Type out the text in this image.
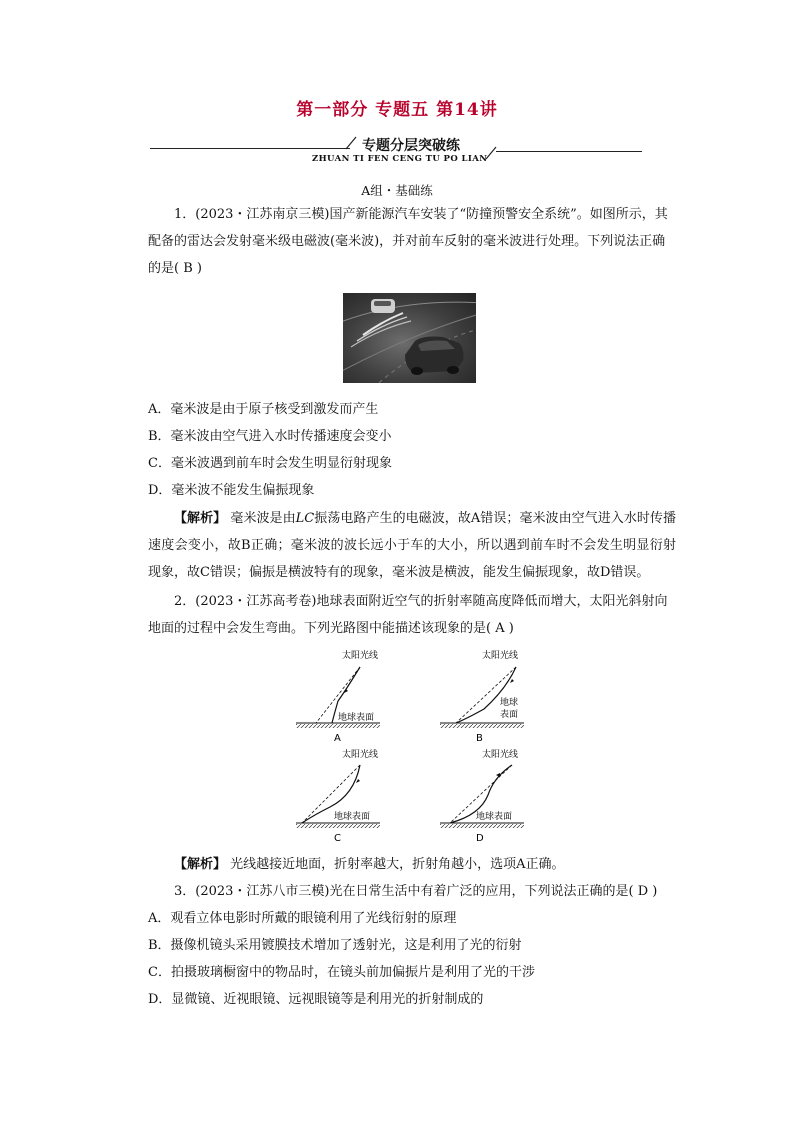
第一部分 专题五 第14讲
专题分层突破练
ZHUAN TI FEN CENG TU PO LIAN
A组・基础练
1．(2023・江苏南京三模)国产新能源汽车安装了“防撞预警安全系统”。如图所示，其
配备的雷达会发射毫米级电磁波(毫米波)，并对前车反射的毫米波进行处理。下列说法正确
的是( B )
A．毫米波是由于原子核受到激发而产生
B．毫米波由空气进入水时传播速度会变小
C．毫米波遇到前车时会发生明显衍射现象
D．毫米波不能发生偏振现象
【解析】 毫米波是由LC振荡电路产生的电磁波，故A错误；毫米波由空气进入水时传播速度会变小，故B正确；毫米波的波长远小于车的大小，所以遇到前车时不会发生明显衍射现象，故C错误；偏振是横波特有的现象，毫米波是横波，能发生偏振现象，故D错误。
2．(2023・江苏高考卷)地球表面附近空气的折射率随高度降低而增大，太阳光斜射向
地面的过程中会发生弯曲。下列光路图中能描述该现象的是( A )
太阳光线
地球表面
A
太阳光线
地球
表面
B
太阳光线
地球表面
C
太阳光线
地球表面
D
【解析】 光线越接近地面，折射率越大，折射角越小，选项A正确。
3．(2023・江苏八市三模)光在日常生活中有着广泛的应用，下列说法正确的是( D )
A．观看立体电影时所戴的眼镜利用了光线衍射的原理
B．摄像机镜头采用镀膜技术增加了透射光，这是利用了光的衍射
C．拍摄玻璃橱窗中的物品时，在镜头前加偏振片是利用了光的干涉
D．显微镜、近视眼镜、远视眼镜等是利用光的折射制成的
